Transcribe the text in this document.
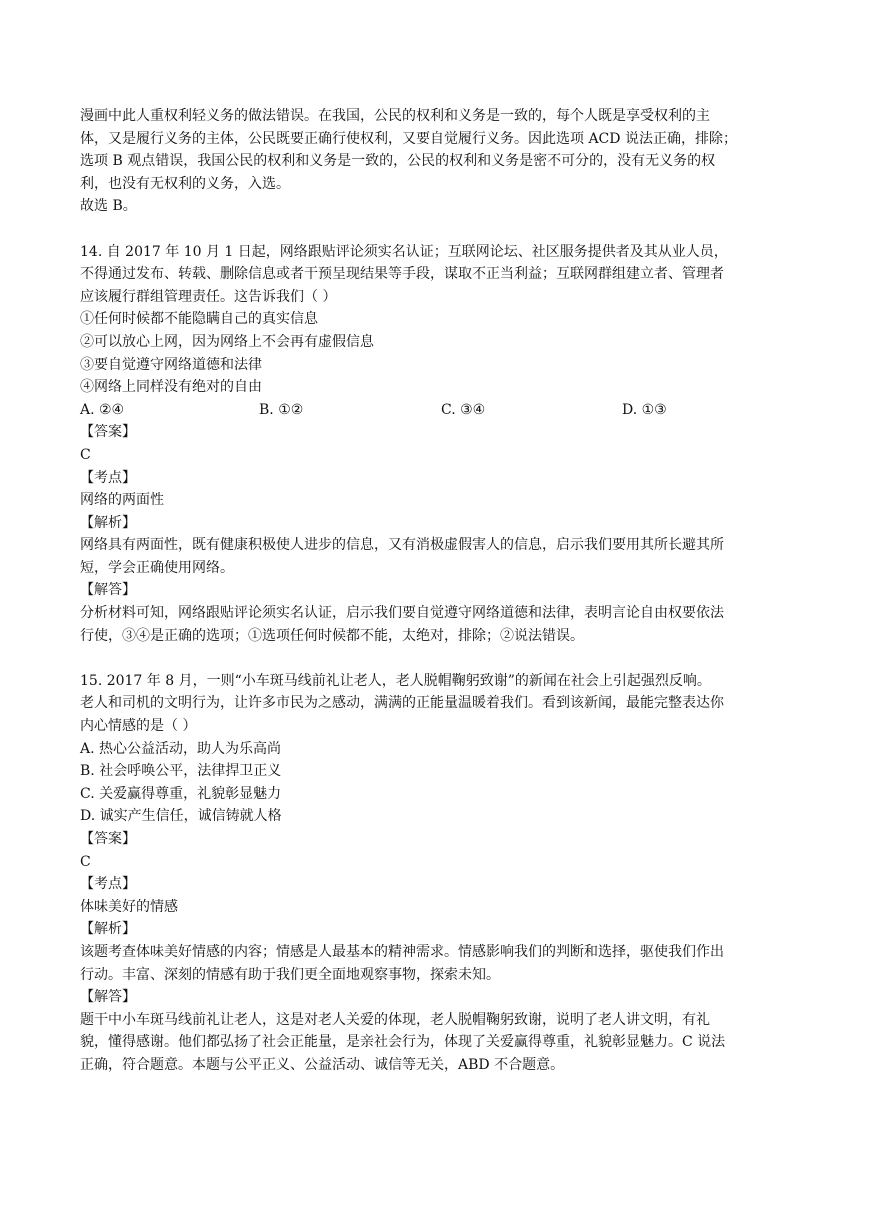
漫画中此人重权利轻义务的做法错误。在我国，公民的权利和义务是一致的，每个人既是享受权利的主
体，又是履行义务的主体，公民既要正确行使权利，又要自觉履行义务。因此选项 ACD 说法正确，排除；
选项 B 观点错误，我国公民的权利和义务是一致的，公民的权利和义务是密不可分的，没有无义务的权
利，也没有无权利的义务，入选。
故选 B。
14. 自 2017 年 10 月 1 日起，网络跟贴评论须实名认证；互联网论坛、社区服务提供者及其从业人员，
不得通过发布、转载、删除信息或者干预呈现结果等手段，谋取不正当利益；互联网群组建立者、管理者
应该履行群组管理责任。这告诉我们（ ）
①任何时候都不能隐瞒自己的真实信息
②可以放心上网，因为网络上不会再有虚假信息
③要自觉遵守网络道德和法律
④网络上同样没有绝对的自由
A. ②④	B. ①②	C. ③④	D. ①③
【答案】
C
【考点】
网络的两面性
【解析】
网络具有两面性，既有健康积极使人进步的信息，又有消极虚假害人的信息，启示我们要用其所长避其所
短，学会正确使用网络。
【解答】
分析材料可知，网络跟贴评论须实名认证，启示我们要自觉遵守网络道德和法律，表明言论自由权要依法
行使，③④是正确的选项；①选项任何时候都不能，太绝对，排除；②说法错误。
15. 2017 年 8 月，一则“小车斑马线前礼让老人，老人脱帽鞠躬致谢”的新闻在社会上引起强烈反响。
老人和司机的文明行为，让许多市民为之感动，满满的正能量温暖着我们。看到该新闻，最能完整表达你
内心情感的是（ ）
A. 热心公益活动，助人为乐高尚
B. 社会呼唤公平，法律捍卫正义
C. 关爱赢得尊重，礼貌彰显魅力
D. 诚实产生信任，诚信铸就人格
【答案】
C
【考点】
体味美好的情感
【解析】
该题考查体味美好情感的内容；情感是人最基本的精神需求。情感影响我们的判断和选择，驱使我们作出
行动。丰富、深刻的情感有助于我们更全面地观察事物，探索未知。
【解答】
题干中小车斑马线前礼让老人，这是对老人关爱的体现，老人脱帽鞠躬致谢，说明了老人讲文明，有礼
貌，懂得感谢。他们都弘扬了社会正能量，是亲社会行为，体现了关爱赢得尊重，礼貌彰显魅力。C 说法
正确，符合题意。本题与公平正义、公益活动、诚信等无关，ABD 不合题意。
